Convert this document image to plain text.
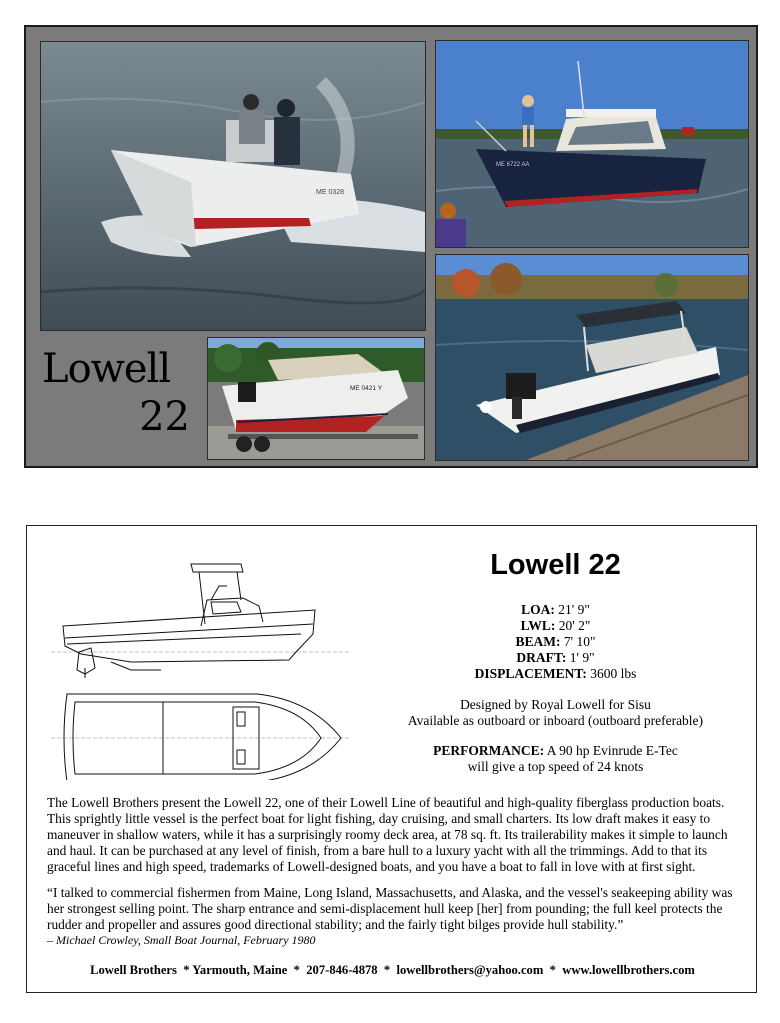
ME 0328
ME 6722 AA
ME 0421 Y
Lowell
22
Lowell 22
LOA: 21' 9"
LWL: 20' 2"
BEAM: 7' 10"
DRAFT: 1' 9"
DISPLACEMENT: 3600 lbs
Designed by Royal Lowell for Sisu
Available as outboard or inboard (outboard preferable)
PERFORMANCE: A 90 hp Evinrude E-Tec
will give a top speed of 24 knots
The Lowell Brothers present the Lowell 22, one of their Lowell Line of beautiful and high-quality fiberglass production boats. This sprightly little vessel is the perfect boat for light fishing, day cruising, and small charters. Its low draft makes it easy to maneuver in shallow waters, while it has a surprisingly roomy deck area, at 78 sq. ft. Its trailerability makes it simple to launch and haul. It can be purchased at any level of finish, from a bare hull to a luxury yacht with all the trimmings. Add to that its graceful lines and high speed, trademarks of Lowell-designed boats, and you have a boat to fall in love with at first sight.
“I talked to commercial fishermen from Maine, Long Island, Massachusetts, and Alaska, and the vessel's seakeeping ability was her strongest selling point. The sharp entrance and semi-displacement hull keep [her] from pounding; the full keel protects the rudder and propeller and assures good directional stability; and the fairly tight bilges provide hull stability.”
– Michael Crowley, Small Boat Journal, February 1980
Lowell Brothers  * Yarmouth, Maine  *  207-846-4878  *  lowellbrothers@yahoo.com  *  www.lowellbrothers.com
